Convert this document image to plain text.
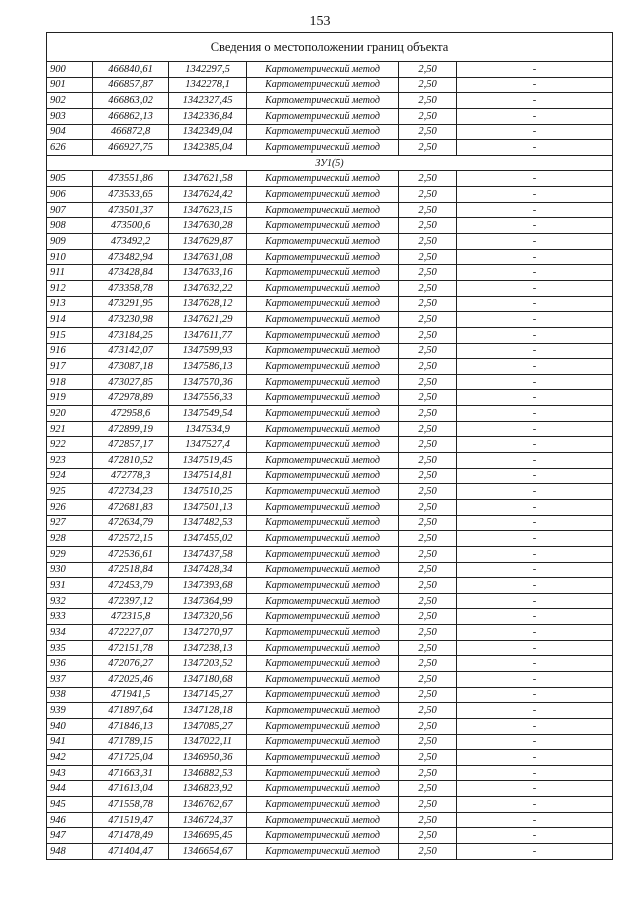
153
Сведения о местоположении границ объекта					
900	466840,61	1342297,5	Картометрический метод	2,50	-
901	466857,87	1342278,1	Картометрический метод	2,50	-
902	466863,02	1342327,45	Картометрический метод	2,50	-
903	466862,13	1342336,84	Картометрический метод	2,50	-
904	466872,8	1342349,04	Картометрический метод	2,50	-
626	466927,75	1342385,04	Картометрический метод	2,50	-
ЗУ1(5)					
905	473551,86	1347621,58	Картометрический метод	2,50	-
906	473533,65	1347624,42	Картометрический метод	2,50	-
907	473501,37	1347623,15	Картометрический метод	2,50	-
908	473500,6	1347630,28	Картометрический метод	2,50	-
909	473492,2	1347629,87	Картометрический метод	2,50	-
910	473482,94	1347631,08	Картометрический метод	2,50	-
911	473428,84	1347633,16	Картометрический метод	2,50	-
912	473358,78	1347632,22	Картометрический метод	2,50	-
913	473291,95	1347628,12	Картометрический метод	2,50	-
914	473230,98	1347621,29	Картометрический метод	2,50	-
915	473184,25	1347611,77	Картометрический метод	2,50	-
916	473142,07	1347599,93	Картометрический метод	2,50	-
917	473087,18	1347586,13	Картометрический метод	2,50	-
918	473027,85	1347570,36	Картометрический метод	2,50	-
919	472978,89	1347556,33	Картометрический метод	2,50	-
920	472958,6	1347549,54	Картометрический метод	2,50	-
921	472899,19	1347534,9	Картометрический метод	2,50	-
922	472857,17	1347527,4	Картометрический метод	2,50	-
923	472810,52	1347519,45	Картометрический метод	2,50	-
924	472778,3	1347514,81	Картометрический метод	2,50	-
925	472734,23	1347510,25	Картометрический метод	2,50	-
926	472681,83	1347501,13	Картометрический метод	2,50	-
927	472634,79	1347482,53	Картометрический метод	2,50	-
928	472572,15	1347455,02	Картометрический метод	2,50	-
929	472536,61	1347437,58	Картометрический метод	2,50	-
930	472518,84	1347428,34	Картометрический метод	2,50	-
931	472453,79	1347393,68	Картометрический метод	2,50	-
932	472397,12	1347364,99	Картометрический метод	2,50	-
933	472315,8	1347320,56	Картометрический метод	2,50	-
934	472227,07	1347270,97	Картометрический метод	2,50	-
935	472151,78	1347238,13	Картометрический метод	2,50	-
936	472076,27	1347203,52	Картометрический метод	2,50	-
937	472025,46	1347180,68	Картометрический метод	2,50	-
938	471941,5	1347145,27	Картометрический метод	2,50	-
939	471897,64	1347128,18	Картометрический метод	2,50	-
940	471846,13	1347085,27	Картометрический метод	2,50	-
941	471789,15	1347022,11	Картометрический метод	2,50	-
942	471725,04	1346950,36	Картометрический метод	2,50	-
943	471663,31	1346882,53	Картометрический метод	2,50	-
944	471613,04	1346823,92	Картометрический метод	2,50	-
945	471558,78	1346762,67	Картометрический метод	2,50	-
946	471519,47	1346724,37	Картометрический метод	2,50	-
947	471478,49	1346695,45	Картометрический метод	2,50	-
948	471404,47	1346654,67	Картометрический метод	2,50	-
